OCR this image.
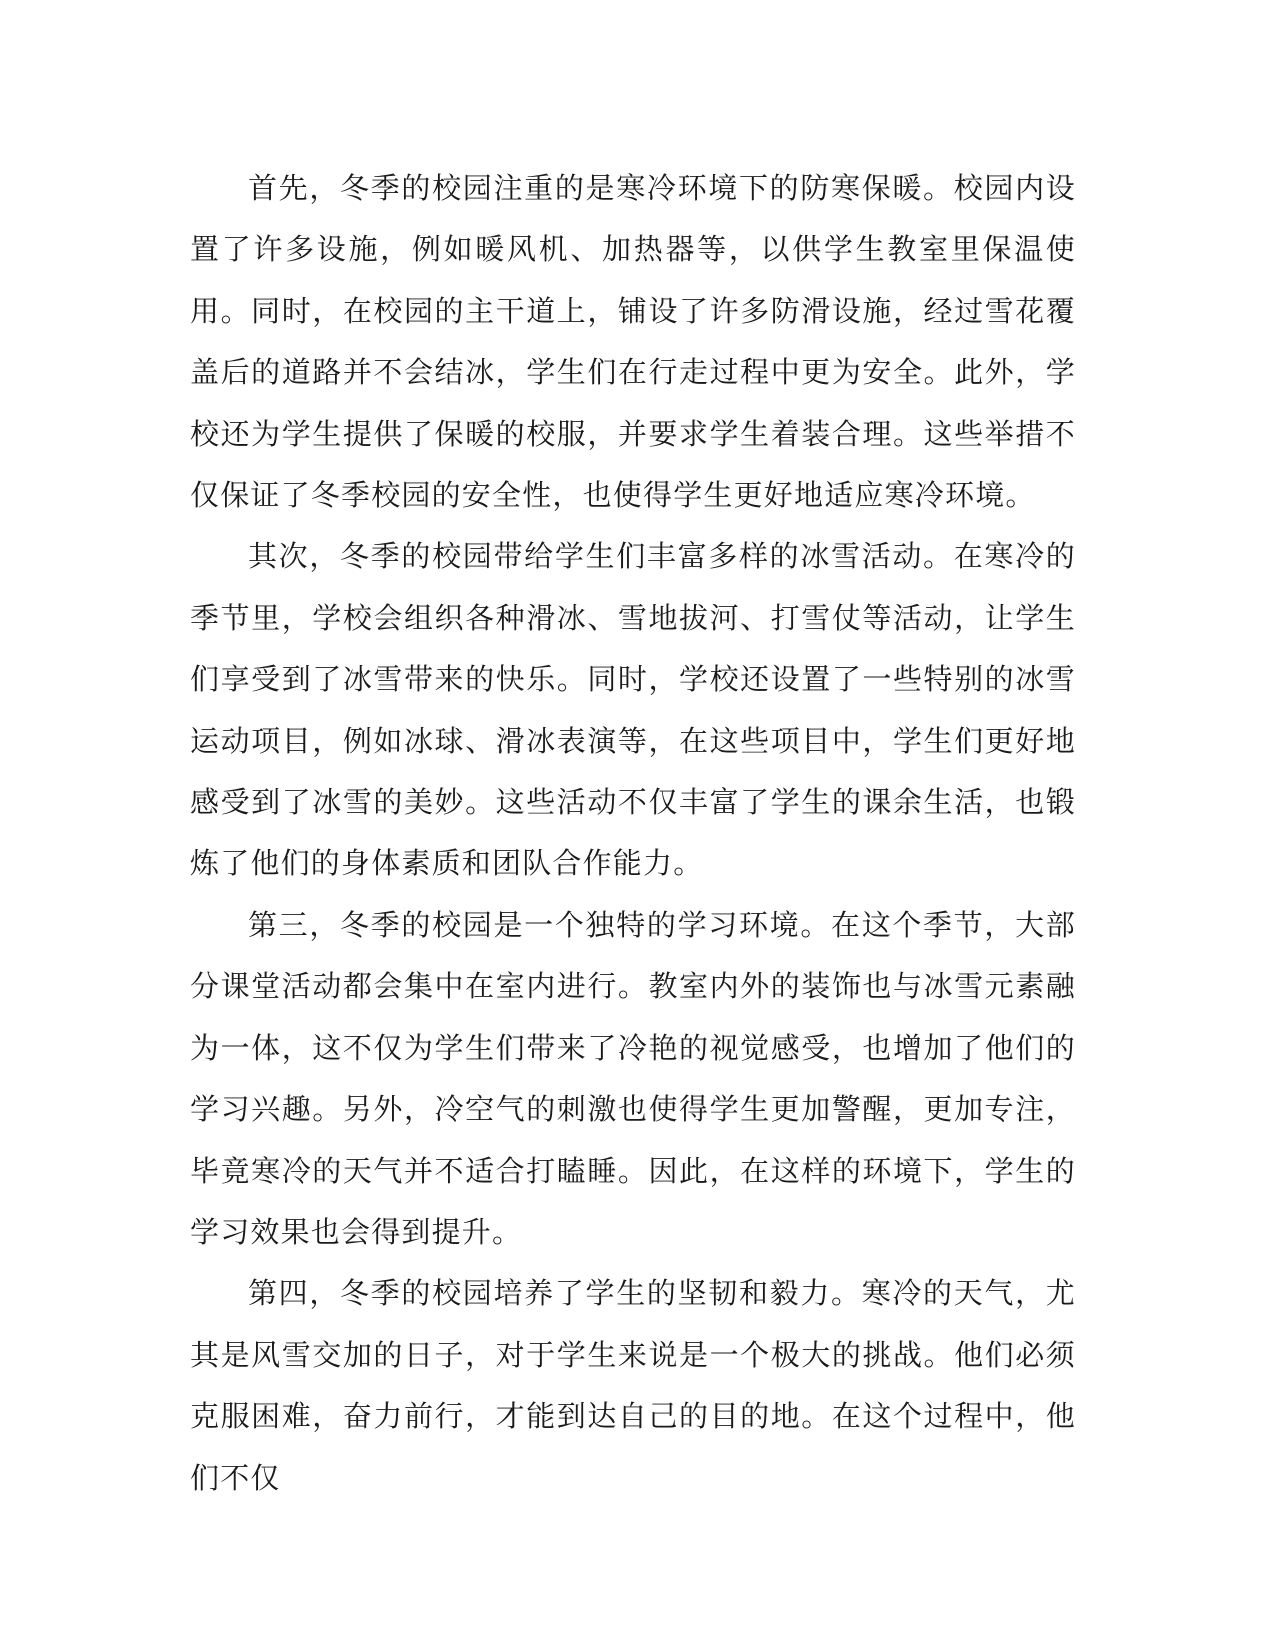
首先，冬季的校园注重的是寒冷环境下的防寒保暖。校园内设置了许多设施，例如暖风机、加热器等，以供学生教室里保温使用。同时，在校园的主干道上，铺设了许多防滑设施，经过雪花覆盖后的道路并不会结冰，学生们在行走过程中更为安全。此外，学校还为学生提供了保暖的校服，并要求学生着装合理。这些举措不仅保证了冬季校园的安全性，也使得学生更好地适应寒冷环境。

其次，冬季的校园带给学生们丰富多样的冰雪活动。在寒冷的季节里，学校会组织各种滑冰、雪地拔河、打雪仗等活动，让学生们享受到了冰雪带来的快乐。同时，学校还设置了一些特别的冰雪运动项目，例如冰球、滑冰表演等，在这些项目中，学生们更好地感受到了冰雪的美妙。这些活动不仅丰富了学生的课余生活，也锻炼了他们的身体素质和团队合作能力。

第三，冬季的校园是一个独特的学习环境。在这个季节，大部分课堂活动都会集中在室内进行。教室内外的装饰也与冰雪元素融为一体，这不仅为学生们带来了冷艳的视觉感受，也增加了他们的学习兴趣。另外，冷空气的刺激也使得学生更加警醒，更加专注，毕竟寒冷的天气并不适合打瞌睡。因此，在这样的环境下，学生的学习效果也会得到提升。

第四，冬季的校园培养了学生的坚韧和毅力。寒冷的天气，尤其是风雪交加的日子，对于学生来说是一个极大的挑战。他们必须克服困难，奋力前行，才能到达自己的目的地。在这个过程中，他们不仅
